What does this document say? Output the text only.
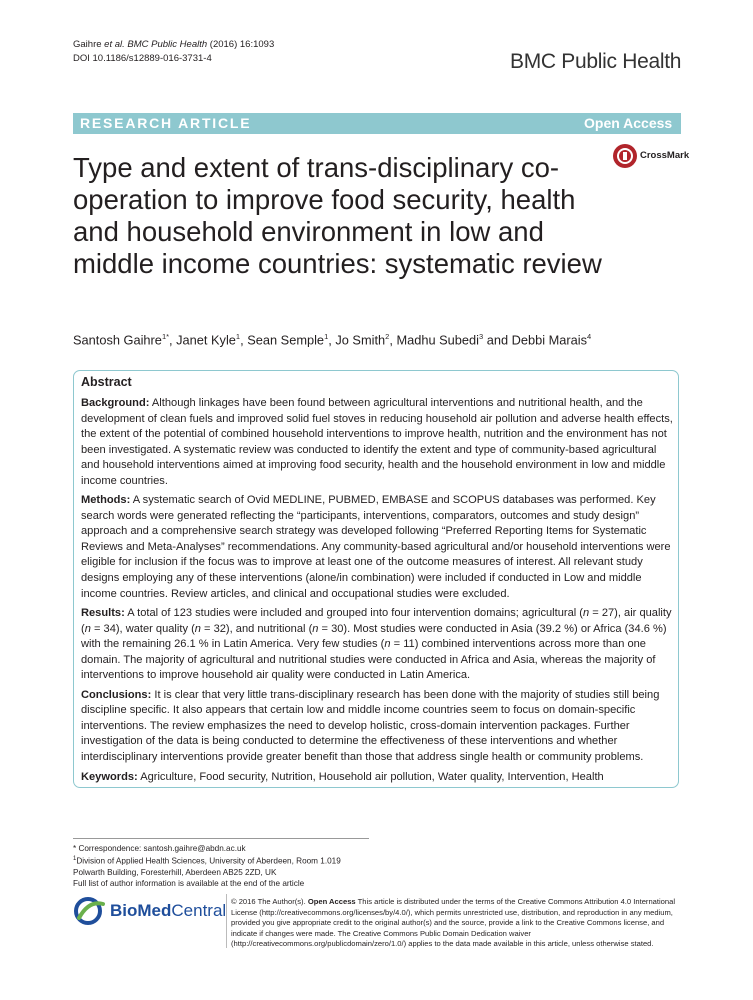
Gaihre et al. BMC Public Health (2016) 16:1093
DOI 10.1186/s12889-016-3731-4	BMC Public Health
RESEARCH ARTICLE	Open Access
Type and extent of trans-disciplinary co-operation to improve food security, health and household environment in low and middle income countries: systematic review
CrossMark
Santosh Gaihre$^{1*}$, Janet Kyle$^1$, Sean Semple$^1$, Jo Smith$^2$, Madhu Subedi$^3$ and Debbi Marais$^4$
Abstract

Background: Although linkages have been found between agricultural interventions and nutritional health, and the development of clean fuels and improved solid fuel stoves in reducing household air pollution and adverse health effects, the extent of the potential of combined household interventions to improve health, nutrition and the environment has not been investigated. A systematic review was conducted to identify the extent and type of community-based agricultural and household interventions aimed at improving food security, health and the household environment in low and middle income countries.

Methods: A systematic search of Ovid MEDLINE, PUBMED, EMBASE and SCOPUS databases was performed. Key search words were generated reflecting the “participants, interventions, comparators, outcomes and study design” approach and a comprehensive search strategy was developed following “Preferred Reporting Items for Systematic Reviews and Meta-Analyses” recommendations. Any community-based agricultural and/or household interventions were eligible for inclusion if the focus was to improve at least one of the outcome measures of interest. All relevant study designs employing any of these interventions (alone/in combination) were included if conducted in Low and middle income countries. Review articles, and clinical and occupational studies were excluded.

Results: A total of 123 studies were included and grouped into four intervention domains; agricultural (n = 27), air quality (n = 34), water quality (n = 32), and nutritional (n = 30). Most studies were conducted in Asia (39.2 %) or Africa (34.6 %) with the remaining 26.1 % in Latin America. Very few studies (n = 11) combined interventions across more than one domain. The majority of agricultural and nutritional studies were conducted in Africa and Asia, whereas the majority of interventions to improve household air quality were conducted in Latin America.

Conclusions: It is clear that very little trans-disciplinary research has been done with the majority of studies still being discipline specific. It also appears that certain low and middle income countries seem to focus on domain-specific interventions. The review emphasizes the need to develop holistic, cross-domain intervention packages. Further investigation of the data is being conducted to determine the effectiveness of these interventions and whether interdisciplinary interventions provide greater benefit than those that address single health or community problems.

Keywords: Agriculture, Food security, Nutrition, Household air pollution, Water quality, Intervention, Health

* Correspondence: santosh.gaihre@abdn.ac.uk
$^1$Division of Applied Health Sciences, University of Aberdeen, Room 1.019
Polwarth Building, Foresterhill, Aberdeen AB25 2ZD, UK
Full list of author information is available at the end of the article
BioMed Central © 2016 The Author(s). Open Access This article is distributed under the terms of the Creative Commons Attribution 4.0 International License (http://creativecommons.org/licenses/by/4.0/), which permits unrestricted use, distribution, and reproduction in any medium, provided you give appropriate credit to the original author(s) and the source, provide a link to the Creative Commons license, and indicate if changes were made. The Creative Commons Public Domain Dedication waiver (http://creativecommons.org/publicdomain/zero/1.0/) applies to the data made available in this article, unless otherwise stated.
